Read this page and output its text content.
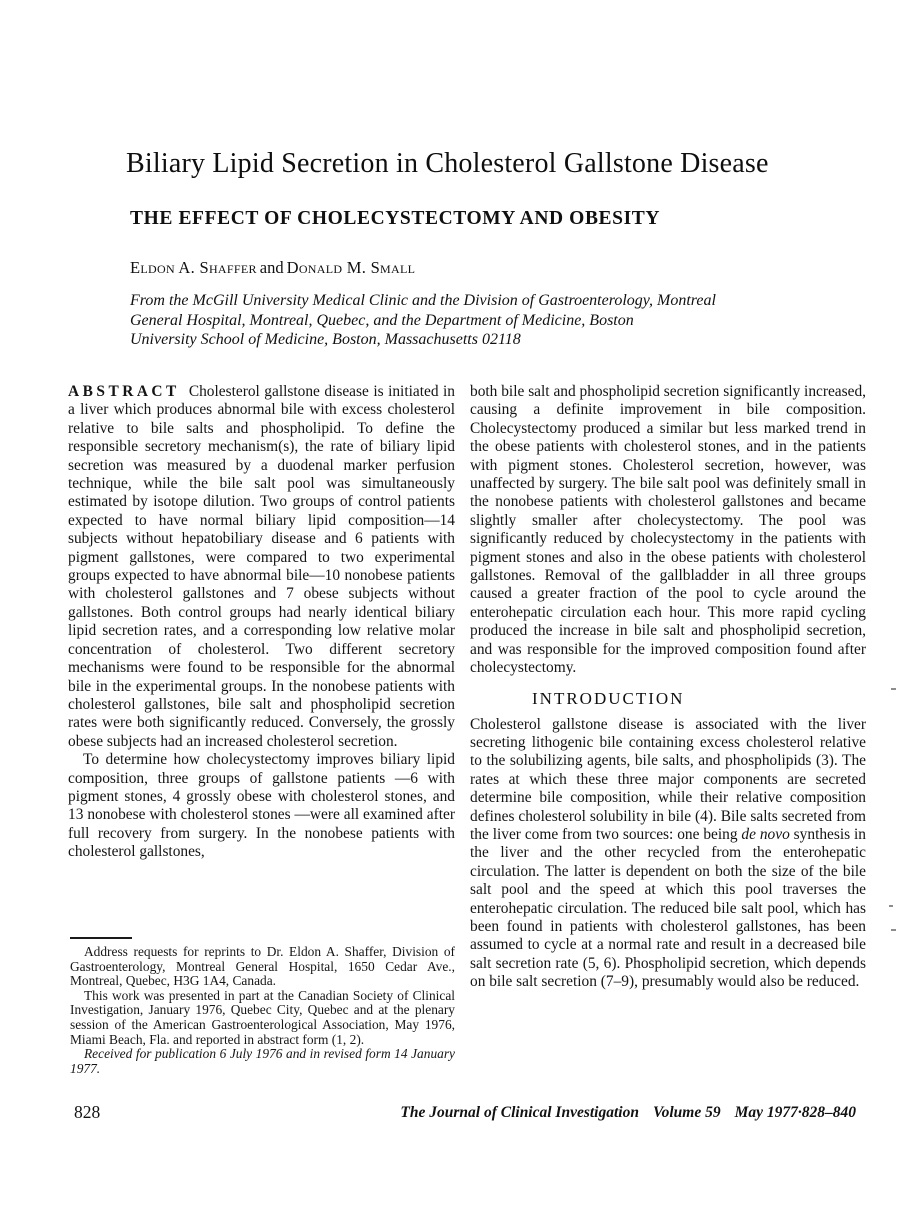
Biliary Lipid Secretion in Cholesterol Gallstone Disease
THE EFFECT OF CHOLECYSTECTOMY AND OBESITY
Eldon A. Shaffer and Donald M. Small
From the McGill University Medical Clinic and the Division of Gastroenterology, Montreal
General Hospital, Montreal, Quebec, and the Department of Medicine, Boston
University School of Medicine, Boston, Massachusetts 02118

ABSTRACT Cholesterol gallstone disease is initiated in a liver which produces abnormal bile with excess cholesterol relative to bile salts and phospholipid. To define the responsible secretory mechanism(s), the rate of biliary lipid secretion was measured by a duodenal marker perfusion technique, while the bile salt pool was simultaneously estimated by isotope dilution. Two groups of control patients expected to have normal biliary lipid composition—14 subjects without hepatobiliary disease and 6 patients with pigment gallstones, were compared to two experimental groups expected to have abnormal bile—10 nonobese patients with cholesterol gallstones and 7 obese subjects without gallstones. Both control groups had nearly identical biliary lipid secretion rates, and a corresponding low relative molar concentration of cholesterol. Two different secretory mechanisms were found to be responsible for the abnormal bile in the experimental groups. In the nonobese patients with cholesterol gallstones, bile salt and phospholipid secretion rates were both significantly reduced. Conversely, the grossly obese subjects had an increased cholesterol secretion.

To determine how cholecystectomy improves biliary lipid composition, three groups of gallstone patients —6 with pigment stones, 4 grossly obese with cholesterol stones, and 13 nonobese with cholesterol stones —were all examined after full recovery from surgery. In the nonobese patients with cholesterol gallstones,

both bile salt and phospholipid secretion significantly increased, causing a definite improvement in bile composition. Cholecystectomy produced a similar but less marked trend in the obese patients with cholesterol stones, and in the patients with pigment stones. Cholesterol secretion, however, was unaffected by surgery. The bile salt pool was definitely small in the nonobese patients with cholesterol gallstones and became slightly smaller after cholecystectomy. The pool was significantly reduced by cholecystectomy in the patients with pigment stones and also in the obese patients with cholesterol gallstones. Removal of the gallbladder in all three groups caused a greater fraction of the pool to cycle around the enterohepatic circulation each hour. This more rapid cycling produced the increase in bile salt and phospholipid secretion, and was responsible for the improved composition found after cholecystectomy.

INTRODUCTION

Cholesterol gallstone disease is associated with the liver secreting lithogenic bile containing excess cholesterol relative to the solubilizing agents, bile salts, and phospholipids (3). The rates at which these three major components are secreted determine bile composition, while their relative composition defines cholesterol solubility in bile (4). Bile salts secreted from the liver come from two sources: one being de novo synthesis in the liver and the other recycled from the enterohepatic circulation. The latter is dependent on both the size of the bile salt pool and the speed at which this pool traverses the enterohepatic circulation. The reduced bile salt pool, which has been found in patients with cholesterol gallstones, has been assumed to cycle at a normal rate and result in a decreased bile salt secretion rate (5, 6). Phospholipid secretion, which depends on bile salt secretion (7–9), presumably would also be reduced.

Address requests for reprints to Dr. Eldon A. Shaffer, Division of Gastroenterology, Montreal General Hospital, 1650 Cedar Ave., Montreal, Quebec, H3G 1A4, Canada.

This work was presented in part at the Canadian Society of Clinical Investigation, January 1976, Quebec City, Quebec and at the plenary session of the American Gastroenterological Association, May 1976, Miami Beach, Fla. and reported in abstract form (1, 2).

Received for publication 6 July 1976 and in revised form 14 January 1977.

828	The Journal of Clinical Investigation Volume 59 May 1977·828–840
